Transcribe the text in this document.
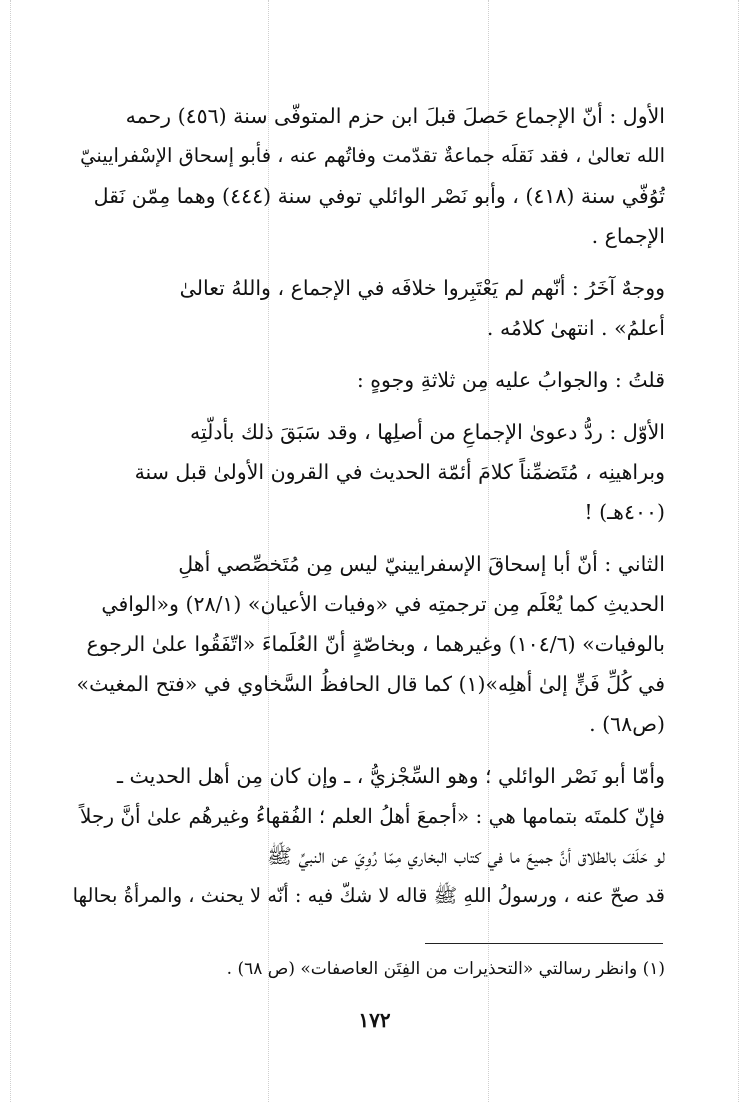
الأول : أنّ الإجماع حَصلَ قبلَ ابن حزم المتوفّى سنة (٤٥٦) رحمه
الله تعالىٰ ، فقد نَقلَه جماعةٌ تقدّمت وفاتُهم عنه ، فأبو إسحاق الإسْفرايينيّ
تُوُفّي سنة (٤١٨) ، وأبو نَصْر الوائلي توفي سنة (٤٤٤) وهما مِمّن نَقل
الإجماع .
ووجهٌ آخَرُ : أنّهم لم يَعْتَبِروا خلافَه في الإجماع ، واللهُ تعالىٰ
أعلمُ» . انتهىٰ كلامُه .
قلتُ : والجوابُ عليه مِن ثلاثةِ وجوهٍ :
الأوّل : ردُّ دعوىٰ الإجماعِ من أصلِها ، وقد سَبَقَ ذلك بأدلّتِه
وبراهينِه ، مُتَضمِّناً كلامَ أئمّة الحديث في القرون الأولىٰ قبل سنة
(٤٠٠هـ) !
الثاني : أنّ أبا إسحاقَ الإسفرايينيّ ليس مِن مُتَخصِّصي أهلِ
الحديثِ كما يُعْلَم مِن ترجمتِه في «وفيات الأعيان» (٢٨/١) و«الوافي
بالوفيات» (١٠٤/٦) وغيرهما ، وبخاصّةٍ أنّ العُلَماءَ «اتّفَقُوا علىٰ الرجوع
في كُلِّ فَنٍّ إلىٰ أهلِه»(١) كما قال الحافظُ السَّخاوي في «فتح المغيث»
(ص٦٨) .
وأمّا أبو نَصْر الوائلي ؛ وهو السِّجْزيُّ ، ـ وإن كان مِن أهل الحديث ـ
فإنّ كلمتَه بتمامها هي : «أجمعَ أهلُ العلم ؛ الفُقهاءُ وغيرهُم علىٰ أنَّ رجلاً
لو حَلَفَ بالطلاق أنَّ جميعَ ما في كتاب البخاري مِمّا رُوِيَ عن النبيِّ ﷺ
قد صحّ عنه ، ورسولُ اللهِ ﷺ قاله لا شكّ فيه : أنّه لا يحنث ، والمرأةُ بحالها
(١) وانظر رسالتي «التحذيرات من الفِتَن العاصفات» (ص ٦٨) .
١٧٢
